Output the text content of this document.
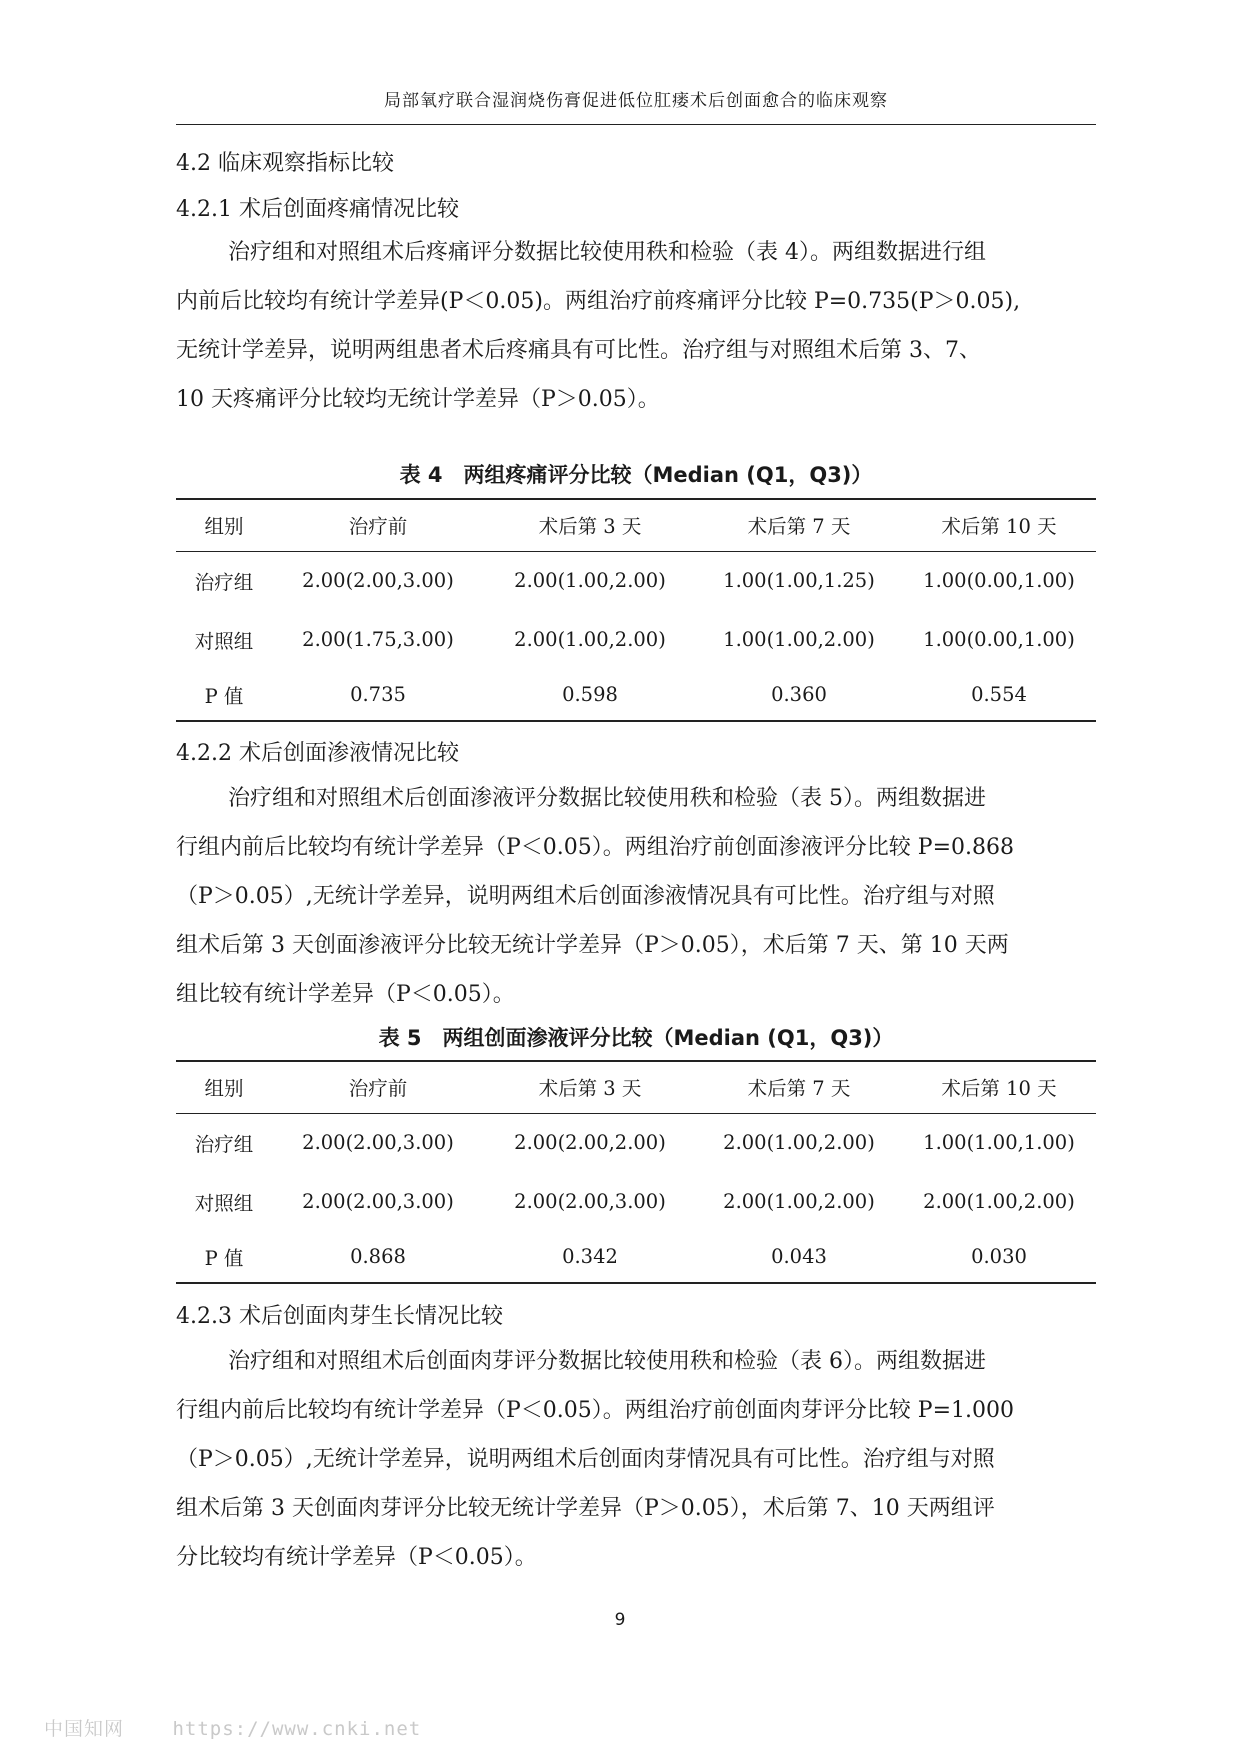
局部氧疗联合湿润烧伤膏促进低位肛瘘术后创面愈合的临床观察
4.2 临床观察指标比较
4.2.1 术后创面疼痛情况比较

治疗组和对照组术后疼痛评分数据比较使用秩和检验（表 4）。两组数据进行组
内前后比较均有统计学差异(P＜0.05)。两组治疗前疼痛评分比较 P=0.735(P＞0.05),
无统计学差异，说明两组患者术后疼痛具有可比性。治疗组与对照组术后第 3、7、
10 天疼痛评分比较均无统计学差异（P＞0.05）。

表 4　两组疼痛评分比较（Median (Q1，Q3)）
组别	治疗前	术后第 3 天	术后第 7 天	术后第 10 天
治疗组	2.00(2.00,3.00)	2.00(1.00,2.00)	1.00(1.00,1.25)	1.00(0.00,1.00)
对照组	2.00(1.75,3.00)	2.00(1.00,2.00)	1.00(1.00,2.00)	1.00(0.00,1.00)
P 值	0.735	0.598	0.360	0.554
4.2.2 术后创面渗液情况比较

治疗组和对照组术后创面渗液评分数据比较使用秩和检验（表 5）。两组数据进
行组内前后比较均有统计学差异（P＜0.05）。两组治疗前创面渗液评分比较 P=0.868
（P＞0.05）,无统计学差异，说明两组术后创面渗液情况具有可比性。治疗组与对照
组术后第 3 天创面渗液评分比较无统计学差异（P＞0.05），术后第 7 天、第 10 天两
组比较有统计学差异（P＜0.05）。

表 5　两组创面渗液评分比较（Median (Q1，Q3)）
组别	治疗前	术后第 3 天	术后第 7 天	术后第 10 天
治疗组	2.00(2.00,3.00)	2.00(2.00,2.00)	2.00(1.00,2.00)	1.00(1.00,1.00)
对照组	2.00(2.00,3.00)	2.00(2.00,3.00)	2.00(1.00,2.00)	2.00(1.00,2.00)
P 值	0.868	0.342	0.043	0.030
4.2.3 术后创面肉芽生长情况比较

治疗组和对照组术后创面肉芽评分数据比较使用秩和检验（表 6）。两组数据进
行组内前后比较均有统计学差异（P＜0.05）。两组治疗前创面肉芽评分比较 P=1.000
（P＞0.05）,无统计学差异，说明两组术后创面肉芽情况具有可比性。治疗组与对照
组术后第 3 天创面肉芽评分比较无统计学差异（P＞0.05），术后第 7、10 天两组评
分比较均有统计学差异（P＜0.05）。

9
中国知网	https://www.cnki.net
